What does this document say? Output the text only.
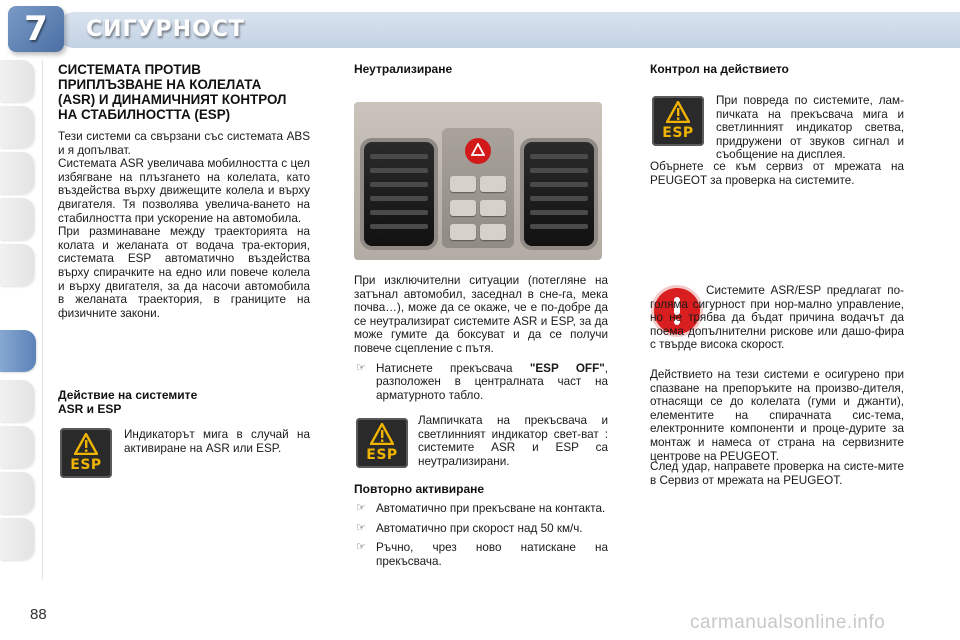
7	СИГУРНОСТ
СИСТЕМАТА ПРОТИВ
ПРИПЛЪЗВАНЕ НА КОЛЕЛАТА
(ASR) И ДИНАМИЧНИЯТ КОНТРОЛ
НА СТАБИЛНОСТТА (ESP)

Тези системи са свързани със системата ABS и я допълват.

Системата ASR увеличава мобилността с цел избягване на плъзгането на колелата, като въздейства върху движещите колела и върху двигателя. Тя позволява увелича-ването на стабилността при ускорение на автомобила.

При разминаване между траекторията на колата и желаната от водача тра-ектория, системата ESP автоматично въздейства върху спирачките на едно или повече колела и върху двигателя, за да насочи автомобила в желаната траектория, в границите на физичните закони.

Действие на системите
ASR и ESP
ESP

Индикаторът мига в случай на активиране на ASR или ESP.

Неутрализиране

При изключителни ситуации (потегляне на затънал автомобил, заседнал в сне-га, мека почва…), може да се окаже, че е по-добре да се неутрализират системите ASR и ESP, за да може гумите да боксуват и да се получи повече сцепление с пътя.

☞ Натиснете прекъсвача "ESP OFF", разположен в централната част на арматурното табло.
ESP

Лампичката на прекъсвача и светлинният индикатор свет-ват : системите ASR и ESP са неутрализирани.

Повторно активиране
☞ Автоматично при прекъсване на контакта.
☞ Автоматично при скорост над 50 км/ч.
☞ Ръчно, чрез ново натискане на прекъсвача.
Контрол на действието
ESP

При повреда по системите, лам-пичката на прекъсвача мига и светлинният индикатор светва, придружени от звуков сигнал и съобщение на дисплея.

Обърнете се към сервиз от мрежата на PEUGEOT за проверка на системите.

Системите ASR/ESP предлагат по-голяма сигурност при нор-мално управление, но не трябва да бъдат причина водачът да поема допълнителни рискове или дашо-фира с твърде висока скорост.

Действието на тези системи е осигурено при спазване на препоръките на произво-дителя, отнасящи се до колелата (гуми и джанти), елементите на спирачната сис-тема, електронните компоненти и проце-дурите за монтаж и намеса от страна на сервизните центрове на PEUGEOT.

След удар, направете проверка на систе-мите в Сервиз от мрежата на PEUGEOT.

88	carmanualsonline.info
